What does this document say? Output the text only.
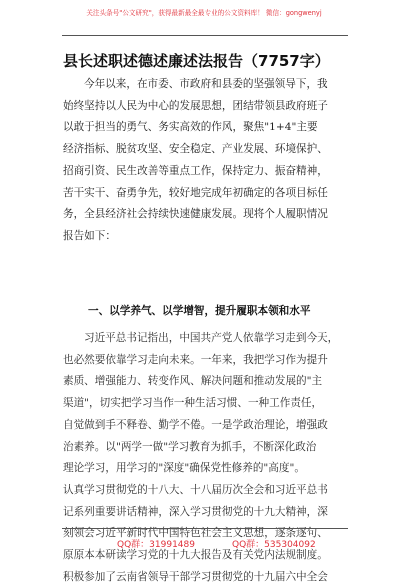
关注头条号"公文研究"，获得最新最全最专业的公文资料库！ 微信：gongwenyj
县长述职述德述廉述法报告（7757字）
今年以来，在市委、市政府和县委的坚强领导下，我
始终坚持以人民为中心的发展思想，团结带领县政府班子
以敢于担当的勇气、务实高效的作风，聚焦"1+4"主要
经济指标、脱贫攻坚、安全稳定、产业发展、环境保护、
招商引资、民生改善等重点工作，保持定力、振奋精神，
苦干实干、奋勇争先，较好地完成年初确定的各项目标任
务，全县经济社会持续快速健康发展。现将个人履职情况
报告如下：
一、以学养气、以学增智，提升履职本领和水平
习近平总书记指出，中国共产党人依靠学习走到今天，
也必然要依靠学习走向未来。一年来，我把学习作为提升
素质、增强能力、转变作风、解决问题和推动发展的"主
渠道"，切实把学习当作一种生活习惯、一种工作责任，
自觉做到手不释卷、勤学不倦。一是学政治理论，增强政
治素养。以"两学一做"学习教育为抓手，不断深化政治
理论学习，用学习的"深度"确保党性修养的"高度"。
认真学习贯彻党的十八大、十八届历次全会和习近平总书
记系列重要讲话精神，深入学习贯彻党的十九大精神，深
刻领会习近平新时代中国特色社会主义思想，逐条逐句、
原原本本研读学习党的十九大报告及有关党内法规制度。
积极参加了云南省领导干部学习贯彻党的十九届六中全会
QQ群：31991489	QQ群：535304092
